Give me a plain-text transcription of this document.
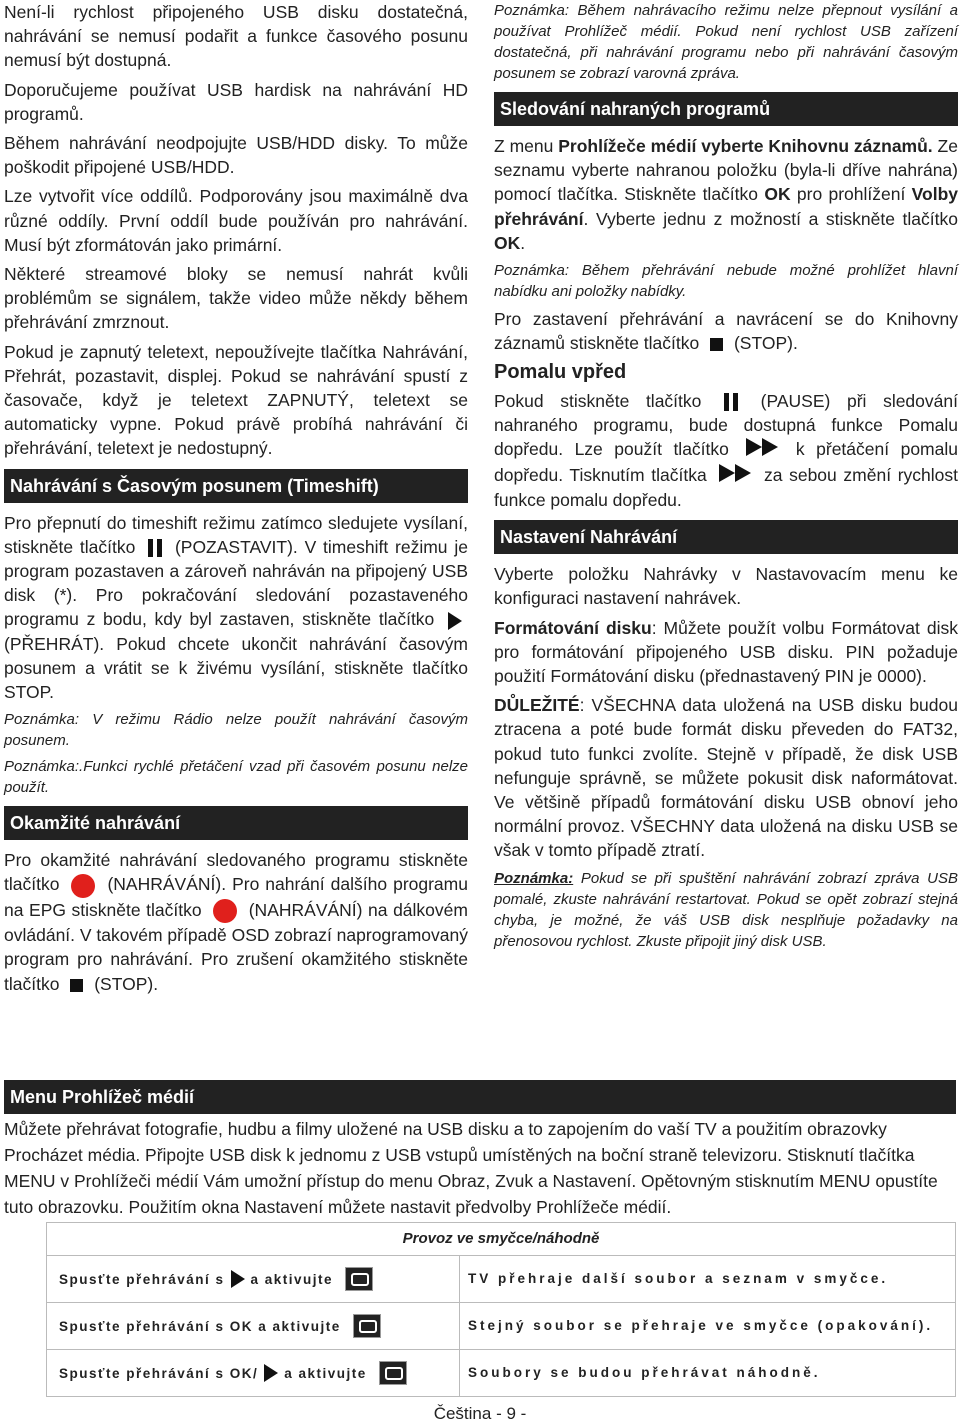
Není-li rychlost připojeného USB disku dostatečná, nahrávání se nemusí podařit a funkce časového posunu nemusí být dostupná.

Doporučujeme používat USB hardisk na nahrávání HD programů.

Během nahrávání neodpojujte USB/HDD disky. To může poškodit připojené USB/HDD.

Lze vytvořit více oddílů. Podporovány jsou maximálně dva různé oddíly. První oddíl bude používán pro nahrávání. Musí být zformátován jako primární.

Některé streamové bloky se nemusí nahrát kvůli problémům se signálem, takže video může někdy během přehrávání zmrznout.

Pokud je zapnutý teletext, nepoužívejte tlačítka Nahrávání, Přehrát, pozastavit, displej. Pokud se nahrávání spustí z časovače, když je teletext ZAPNUTÝ, teletext se automaticky vypne. Pokud právě probíhá nahrávání či přehrávání, teletext je nedostupný.

Nahrávání s Časovým posunem (Timeshift)

Pro přepnutí do timeshift režimu zatímco sledujete vysílaní, stiskněte tlačítko (POZASTAVIT). V timeshift režimu je program pozastaven a zároveň nahráván na připojený USB disk (*). Pro pokračování sledování pozastaveného programu z bodu, kdy byl zastaven, stiskněte tlačítko  (PŘEHRÁT). Pokud chcete ukončit nahrávání časovým posunem a vrátit se k živému vysílání, stiskněte tlačítko STOP.

Poznámka: V režimu Rádio nelze použít nahrávání časovým posunem.

Poznámka:.Funkci rychlé přetáčení vzad při časovém posunu nelze použít.

Okamžité nahrávání

Pro okamžité nahrávání sledovaného programu stiskněte tlačítko	(NAHRÁVÁNÍ). Pro nahrání dalšího programu na EPG stiskněte tlačítko	(NAHRÁVÁNÍ) na dálkovém ovládání. V takovém případě OSD zobrazí naprogramovaný program pro nahrávání. Pro zrušení okamžitého stiskněte tlačítko (STOP).

Poznámka: Během nahrávacího režimu nelze přepnout vysílání a používat Prohlížeč médií. Pokud není rychlost USB zařízení dostatečná, při nahrávání programu nebo při nahrávání časovým posunem se zobrazí varovná zpráva.

Sledování nahraných programů

Z menu Prohlížeče médií vyberte Knihovnu záznamů. Ze seznamu vyberte nahranou položku (byla-li dříve nahrána) pomocí tlačítka. Stiskněte tlačítko OK pro prohlížení Volby přehrávání. Vyberte jednu z možností a stiskněte tlačítko OK.

Poznámka: Během přehrávání nebude možné prohlížet hlavní nabídku ani položky nabídky.

Pro zastavení přehrávání a navrácení se do Knihovny záznamů stiskněte tlačítko (STOP).

Pomalu vpřed

Pokud stiskněte tlačítko	(PAUSE) při sledování nahraného programu, bude dostupná funkce Pomalu dopředu. Lze použít tlačítko	k přetáčení pomalu dopředu. Tisknutím tlačítka	za sebou změní rychlost funkce pomalu dopředu.

Nastavení Nahrávání

Vyberte položku Nahrávky v Nastavovacím menu ke konfiguraci nastavení nahrávek.

Formátování disku: Můžete použít volbu Formátovat disk pro formátování připojeného USB disku. PIN požaduje použití Formátování disku (přednastavený PIN je 0000).

DŮLEŽITÉ: VŠECHNA data uložená na USB disku budou ztracena a poté bude formát disku převeden do FAT32, pokud tuto funkci zvolíte. Stejně v případě, že disk USB nefunguje správně, se můžete pokusit disk naformátovat. Ve většině případů formátování disku USB obnoví jeho normální provoz. VŠECHNY data uložená na disku USB se však v tomto případě ztratí.

Poznámka: Pokud se při spuštění nahrávání zobrazí zpráva USB pomalé, zkuste nahrávání restartovat. Pokud se opět zobrazí stejná chyba, je možné, že váš USB disk nesplňuje požadavky na přenosovou rychlost. Zkuste připojit jiný disk USB.

Menu Prohlížeč médií

Můžete přehrávat fotografie, hudbu a filmy uložené na USB disku a to zapojením do vaší TV a použitím obrazovky Procházet média. Připojte USB disk k jednomu z USB vstupů umístěných na boční straně televizoru. Stisknutí tlačítka MENU v Prohlížeči médií Vám umožní přístup do menu Obraz, Zvuk a Nastavení. Opětovným stisknutím MENU opustíte tuto obrazovku. Použitím okna Nastavení můžete nastavit předvolby Prohlížeče médií.

Provoz ve smyčce/náhodně
Spusťte přehrávání s a aktivujte	TV přehraje další soubor a seznam v smyčce.
Spusťte přehrávání s OK a aktivujte	Stejný soubor se přehraje ve smyčce (opakování).
Spusťte přehrávání s OK/ a aktivujte	Soubory se budou přehrávat náhodně.
Čeština - 9 -
